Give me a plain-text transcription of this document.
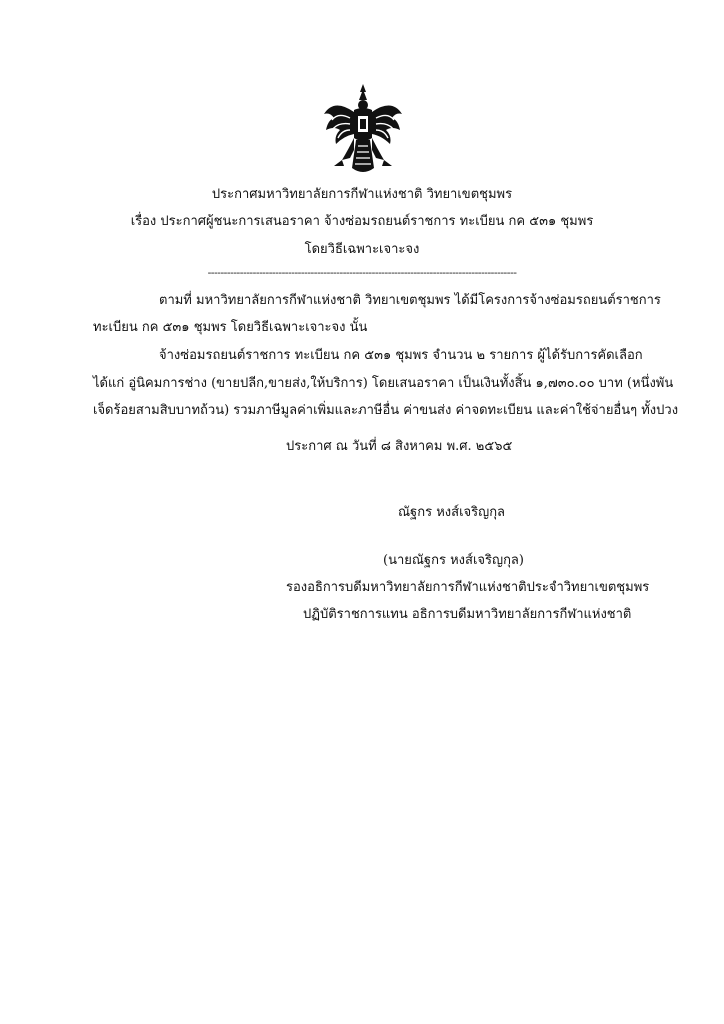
ประกาศมหาวิทยาลัยการกีฬาแห่งชาติ วิทยาเขตชุมพร
เรื่อง ประกาศผู้ชนะการเสนอราคา จ้างซ่อมรถยนต์ราชการ ทะเบียน กค ๕๓๑ ชุมพร
โดยวิธีเฉพาะเจาะจง
------------------------------------------------------------------------------------------------
ตามที่ มหาวิทยาลัยการกีฬาแห่งชาติ วิทยาเขตชุมพร ได้มีโครงการจ้างซ่อมรถยนต์ราชการ
ทะเบียน กค ๕๓๑ ชุมพร โดยวิธีเฉพาะเจาะจง นั้น
จ้างซ่อมรถยนต์ราชการ ทะเบียน กค ๕๓๑ ชุมพร จำนวน ๒ รายการ ผู้ได้รับการคัดเลือก
ได้แก่ อู่นิคมการช่าง (ขายปลีก,ขายส่ง,ให้บริการ) โดยเสนอราคา เป็นเงินทั้งสิ้น ๑,๗๓๐.๐๐ บาท (หนึ่งพัน
เจ็ดร้อยสามสิบบาทถ้วน) รวมภาษีมูลค่าเพิ่มและภาษีอื่น ค่าขนส่ง ค่าจดทะเบียน และค่าใช้จ่ายอื่นๆ ทั้งปวง
ประกาศ ณ วันที่ ๘ สิงหาคม พ.ศ. ๒๕๖๕
ณัฐกร หงส์เจริญกุล
(นายณัฐกร หงส์เจริญกุล)
รองอธิการบดีมหาวิทยาลัยการกีฬาแห่งชาติประจำวิทยาเขตชุมพร
ปฏิบัติราชการแทน อธิการบดีมหาวิทยาลัยการกีฬาแห่งชาติ
